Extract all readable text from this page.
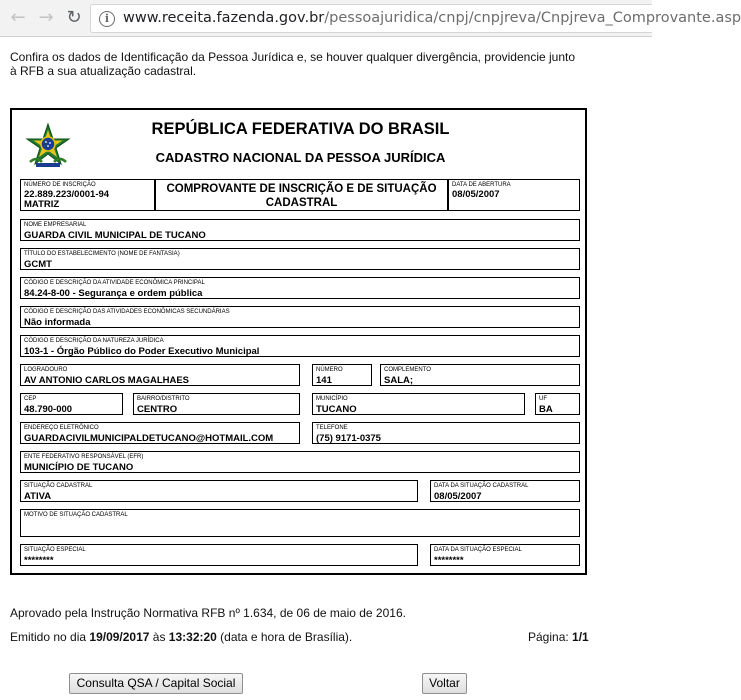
← → ↻	i www.receita.fazenda.gov.br/pessoajuridica/cnpj/cnpjreva/Cnpjreva_Comprovante.asp
Confira os dados de Identificação da Pessoa Jurídica e, se houver qualquer divergência, providencie junto à RFB a sua atualização cadastral.
REPÚBLICA FEDERATIVA DO BRASIL
CADASTRO NACIONAL DA PESSOA JURÍDICA
NÚMERO DE INSCRIÇÃO
22.889.223/0001-94
MATRIZ
COMPROVANTE DE INSCRIÇÃO E DE SITUAÇÃO CADASTRAL
DATA DE ABERTURA
08/05/2007
NOME EMPRESARIAL
GUARDA CIVIL MUNICIPAL DE TUCANO
TÍTULO DO ESTABELECIMENTO (NOME DE FANTASIA)
GCMT
CÓDIGO E DESCRIÇÃO DA ATIVIDADE ECONÔMICA PRINCIPAL
84.24-8-00 - Segurança e ordem pública
CÓDIGO E DESCRIÇÃO DAS ATIVIDADES ECONÔMICAS SECUNDÁRIAS
Não informada
CÓDIGO E DESCRIÇÃO DA NATUREZA JURÍDICA
103-1 - Órgão Público do Poder Executivo Municipal
LOGRADOURO
AV ANTONIO CARLOS MAGALHAES
NÚMERO
141
COMPLEMENTO
SALA;
CEP
48.790-000
BAIRRO/DISTRITO
CENTRO
MUNICÍPIO
TUCANO
UF
BA
ENDEREÇO ELETRÔNICO
GUARDACIVILMUNICIPALDETUCANO@HOTMAIL.COM
TELEFONE
(75) 9171-0375
ENTE FEDERATIVO RESPONSÁVEL (EFR)
MUNICÍPIO DE TUCANO
SITUAÇÃO CADASTRAL
ATIVA
DATA DA SITUAÇÃO CADASTRAL
08/05/2007
MOTIVO DE SITUAÇÃO CADASTRAL
SITUAÇÃO ESPECIAL
********
DATA DA SITUAÇÃO ESPECIAL
********
Aprovado pela Instrução Normativa RFB nº 1.634, de 06 de maio de 2016.
Emitido no dia 19/09/2017 às 13:32:20 (data e hora de Brasília).	Página: 1/1
Consulta QSA / Capital Social	Voltar
